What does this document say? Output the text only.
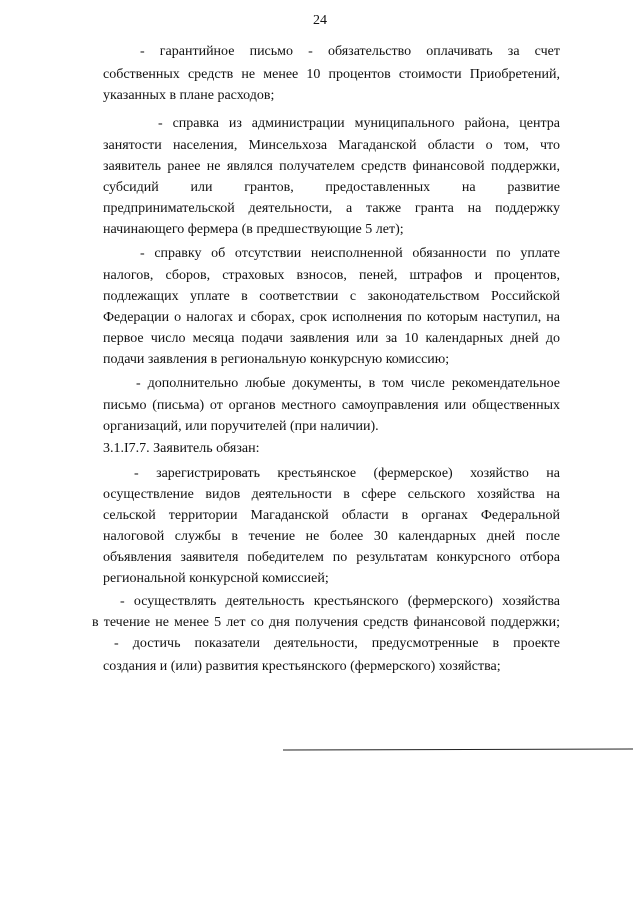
24
- гарантийное письмо - обязательство оплачивать за счет
собственных средств не менее 10 процентов стоимости Приобретений,
указанных в плане расходов;
- справка из администрации муниципального района, центра
занятости населения, Минсельхоза Магаданской области о том, что
заявитель ранее не являлся получателем средств финансовой поддержки,
субсидий или грантов, предоставленных на развитие
предпринимательской деятельности, а также гранта на поддержку
начинающего фермера (в предшествующие 5 лет);
- справку об отсутствии неисполненной обязанности по уплате
налогов, сборов, страховых взносов, пеней, штрафов и процентов,
подлежащих уплате в соответствии с законодательством Российской
Федерации о налогах и сборах, срок исполнения по которым наступил, на
первое число месяца подачи заявления или за 10 календарных дней до
подачи заявления в региональную конкурсную комиссию;
- дополнительно любые документы, в том числе рекомендательное
письмо (письма) от органов местного самоуправления или общественных
организаций, или поручителей (при наличии).
3.1.I7.7. Заявитель обязан:
- зарегистрировать крестьянское (фермерское) хозяйство на
осуществление видов деятельности в сфере сельского хозяйства на
сельской территории Магаданской области в органах Федеральной
налоговой службы в течение не более 30 календарных дней после
объявления заявителя победителем по результатам конкурсного отбора
региональной конкурсной комиссией;
- осуществлять деятельность крестьянского (фермерского) хозяйства
в течение не менее 5 лет со дня получения средств финансовой поддержки;
- достичь показатели деятельности, предусмотренные в проекте
создания и (или) развития крестьянского (фермерского) хозяйства;
